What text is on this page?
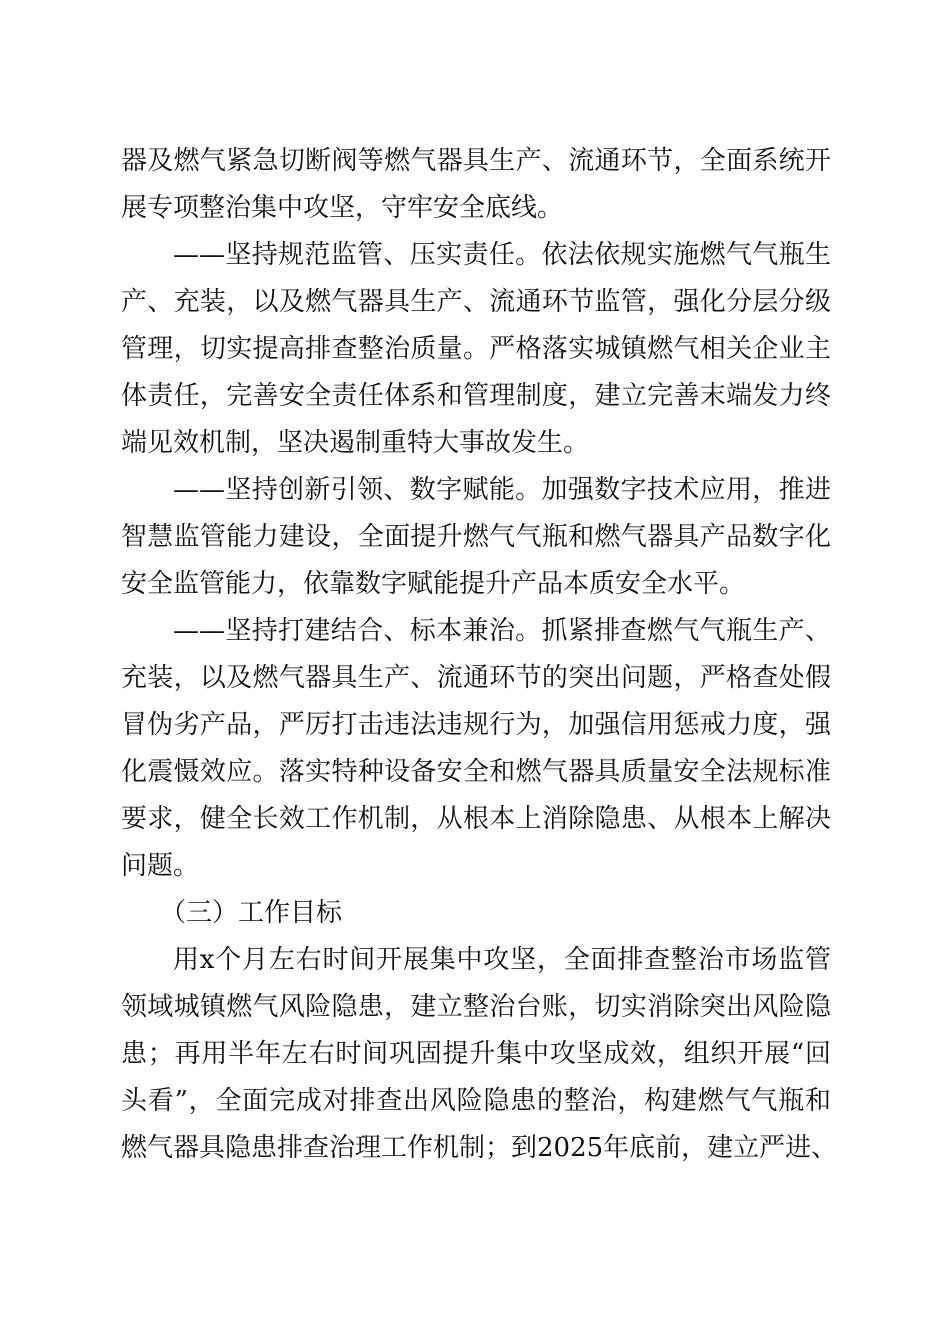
器及燃气紧急切断阀等燃气器具生产、流通环节，全面系统开
展专项整治集中攻坚，守牢安全底线。
——坚持规范监管、压实责任。依法依规实施燃气气瓶生
产、充装，以及燃气器具生产、流通环节监管，强化分层分级
管理，切实提高排查整治质量。严格落实城镇燃气相关企业主
体责任，完善安全责任体系和管理制度，建立完善末端发力终
端见效机制，坚决遏制重特大事故发生。
——坚持创新引领、数字赋能。加强数字技术应用，推进
智慧监管能力建设，全面提升燃气气瓶和燃气器具产品数字化
安全监管能力，依靠数字赋能提升产品本质安全水平。
——坚持打建结合、标本兼治。抓紧排查燃气气瓶生产、
充装，以及燃气器具生产、流通环节的突出问题，严格查处假
冒伪劣产品，严厉打击违法违规行为，加强信用惩戒力度，强
化震慑效应。落实特种设备安全和燃气器具质量安全法规标准
要求，健全长效工作机制，从根本上消除隐患、从根本上解决
问题。
（三）工作目标
用x个月左右时间开展集中攻坚，全面排查整治市场监管
领域城镇燃气风险隐患，建立整治台账，切实消除突出风险隐
患；再用半年左右时间巩固提升集中攻坚成效，组织开展“回
头看”，全面完成对排查出风险隐患的整治，构建燃气气瓶和
燃气器具隐患排查治理工作机制；到2025年底前，建立严进、
